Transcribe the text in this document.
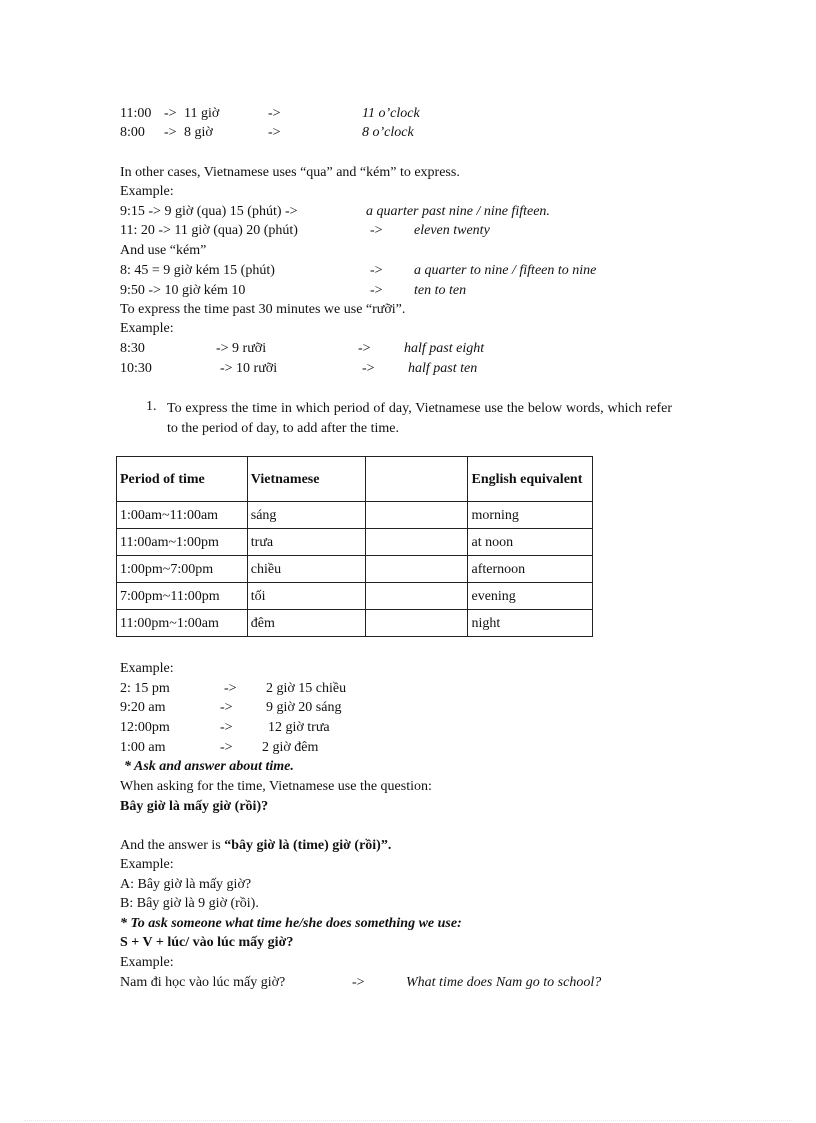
11:00 -> 11 giờ	->	11 o’clock
8:00 -> 8 giờ	->	8 o’clock
In other cases, Vietnamese uses “qua” and “kém” to express.
Example:
9:15 -> 9 giờ (qua) 15 (phút) ->	a quarter past nine / nine fifteen.
11: 20 -> 11 giờ (qua) 20 (phút)	-> eleven twenty
And use “kém”
8: 45 = 9 giờ kém 15 (phút)	-> a quarter to nine / fifteen to nine
9:50 -> 10 giờ kém 10	-> ten to ten
To express the time past 30 minutes we use “rưỡi”.
Example:
8:30	-> 9 rưỡi	-> half past eight
10:30	-> 10 rưỡi	-> half past ten
1. To express the time in which period of day, Vietnamese use the below words, which refer to the period of day, to add after the time.
Period of time	Vietnamese		English equivalent
1:00am~11:00am	sáng		morning
11:00am~1:00pm	trưa		at noon
1:00pm~7:00pm	chiều		afternoon
7:00pm~11:00pm	tối		evening
11:00pm~1:00am	đêm		night
Example:
2: 15 pm	-> 2 giờ 15 chiều
9:20 am	-> 9 giờ 20 sáng
12:00pm	->	12 giờ trưa
1:00 am	-> 2 giờ đêm
* Ask and answer about time.
When asking for the time, Vietnamese use the question:
Bây giờ là mấy giờ (rồi)?
And the answer is “bây giờ là (time) giờ (rồi)”.
Example:
A: Bây giờ là mấy giờ?
B: Bây giờ là 9 giờ (rồi).
* To ask someone what time he/she does something we use:
S + V + lúc/ vào lúc mấy giờ?
Example:
Nam đi học vào lúc mấy giờ?	->	What time does Nam go to school?
